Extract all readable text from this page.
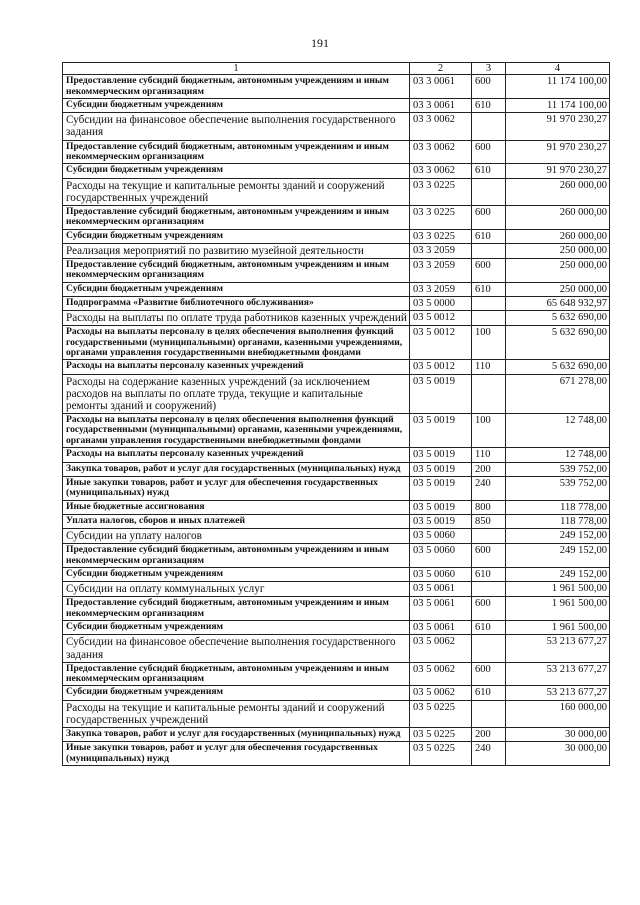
191
1	2	3	4
Предоставление субсидий бюджетным, автономным учреждениям и иным некоммерческим организациям	03 3 0061	600	11 174 100,00
Субсидии бюджетным учреждениям	03 3 0061	610	11 174 100,00
Субсидии на финансовое обеспечение выполнения государственного задания	03 3 0062		91 970 230,27
Предоставление субсидий бюджетным, автономным учреждениям и иным некоммерческим организациям	03 3 0062	600	91 970 230,27
Субсидии бюджетным учреждениям	03 3 0062	610	91 970 230,27
Расходы на текущие и капитальные ремонты зданий и сооружений государственных учреждений	03 3 0225		260 000,00
Предоставление субсидий бюджетным, автономным учреждениям и иным некоммерческим организациям	03 3 0225	600	260 000,00
Субсидии бюджетным учреждениям	03 3 0225	610	260 000,00
Реализация мероприятий по развитию музейной деятельности	03 3 2059		250 000,00
Предоставление субсидий бюджетным, автономным учреждениям и иным некоммерческим организациям	03 3 2059	600	250 000,00
Субсидии бюджетным учреждениям	03 3 2059	610	250 000,00
Подпрограмма «Развитие библиотечного обслуживания»	03 5 0000		65 648 932,97
Расходы на выплаты по оплате труда работников казенных учреждений	03 5 0012		5 632 690,00
Расходы на выплаты персоналу в целях обеспечения выполнения функций государственными (муниципальными) органами, казенными учреждениями, органами управления государственными внебюджетными фондами	03 5 0012	100	5 632 690,00
Расходы на выплаты персоналу казенных учреждений	03 5 0012	110	5 632 690,00
Расходы на содержание казенных учреждений (за исключением расходов на выплаты по оплате труда, текущие и капитальные ремонты зданий и сооружений)	03 5 0019		671 278,00
Расходы на выплаты персоналу в целях обеспечения выполнения функций государственными (муниципальными) органами, казенными учреждениями, органами управления государственными внебюджетными фондами	03 5 0019	100	12 748,00
Расходы на выплаты персоналу казенных учреждений	03 5 0019	110	12 748,00
Закупка товаров, работ и услуг для государственных (муниципальных) нужд	03 5 0019	200	539 752,00
Иные закупки товаров, работ и услуг для обеспечения государственных (муниципальных) нужд	03 5 0019	240	539 752,00
Иные бюджетные ассигнования	03 5 0019	800	118 778,00
Уплата налогов, сборов и иных платежей	03 5 0019	850	118 778,00
Субсидии на уплату налогов	03 5 0060		249 152,00
Предоставление субсидий бюджетным, автономным учреждениям и иным некоммерческим организациям	03 5 0060	600	249 152,00
Субсидии бюджетным учреждениям	03 5 0060	610	249 152,00
Субсидии на оплату коммунальных услуг	03 5 0061		1 961 500,00
Предоставление субсидий бюджетным, автономным учреждениям и иным некоммерческим организациям	03 5 0061	600	1 961 500,00
Субсидии бюджетным учреждениям	03 5 0061	610	1 961 500,00
Субсидии на финансовое обеспечение выполнения государственного задания	03 5 0062		53 213 677,27
Предоставление субсидий бюджетным, автономным учреждениям и иным некоммерческим организациям	03 5 0062	600	53 213 677,27
Субсидии бюджетным учреждениям	03 5 0062	610	53 213 677,27
Расходы на текущие и капитальные ремонты зданий и сооружений государственных учреждений	03 5 0225		160 000,00
Закупка товаров, работ и услуг для государственных (муниципальных) нужд	03 5 0225	200	30 000,00
Иные закупки товаров, работ и услуг для обеспечения государственных (муниципальных) нужд	03 5 0225	240	30 000,00
